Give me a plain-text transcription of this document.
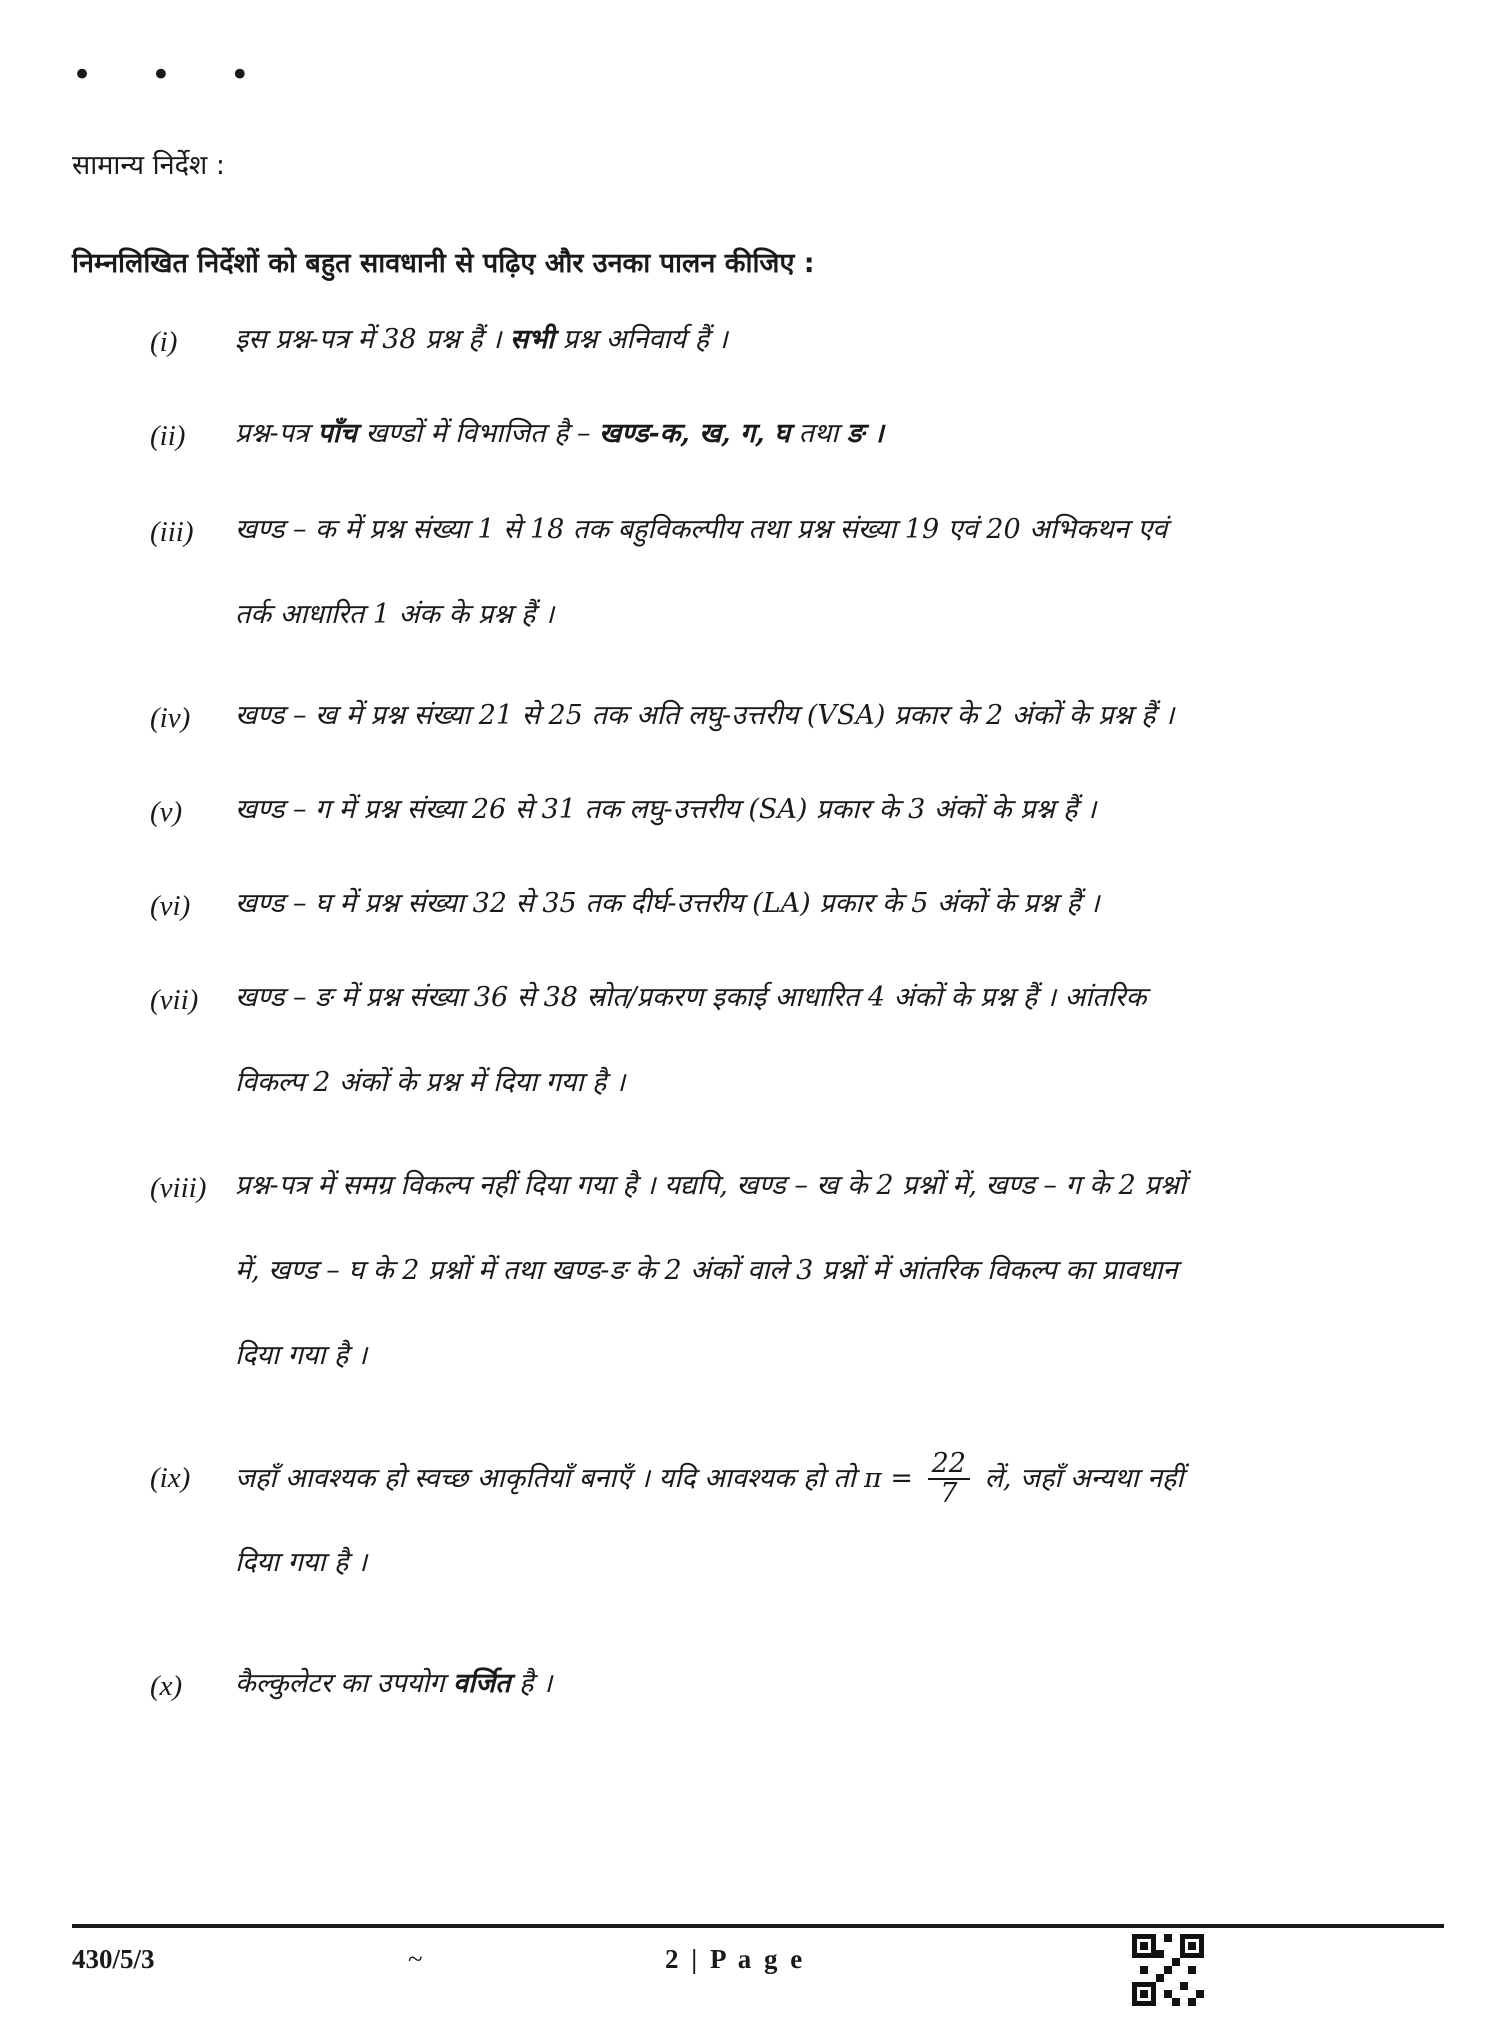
• • •
सामान्य निर्देश :
निम्नलिखित निर्देशों को बहुत सावधानी से पढ़िए और उनका पालन कीजिए :
(i) इस प्रश्न-पत्र में 38 प्रश्न हैं । सभी प्रश्न अनिवार्य हैं ।
(ii) प्रश्न-पत्र पाँच खण्डों में विभाजित है – खण्ड-क, ख, ग, घ तथा ङ ।
(iii) खण्ड – क में प्रश्न संख्या 1 से 18 तक बहुविकल्पीय तथा प्रश्न संख्या 19 एवं 20 अभिकथन एवं
तर्क आधारित 1 अंक के प्रश्न हैं ।
(iv) खण्ड – ख में प्रश्न संख्या 21 से 25 तक अति लघु-उत्तरीय (VSA) प्रकार के 2 अंकों के प्रश्न हैं ।
(v) खण्ड – ग में प्रश्न संख्या 26 से 31 तक लघु-उत्तरीय (SA) प्रकार के 3 अंकों के प्रश्न हैं ।
(vi) खण्ड – घ में प्रश्न संख्या 32 से 35 तक दीर्घ-उत्तरीय (LA) प्रकार के 5 अंकों के प्रश्न हैं ।
(vii) खण्ड – ङ में प्रश्न संख्या 36 से 38 स्रोत/प्रकरण इकाई आधारित 4 अंकों के प्रश्न हैं । आंतरिक
विकल्प 2 अंकों के प्रश्न में दिया गया है ।
(viii) प्रश्न-पत्र में समग्र विकल्प नहीं दिया गया है । यद्यपि, खण्ड – ख के 2 प्रश्नों में, खण्ड – ग के 2 प्रश्नों
में, खण्ड – घ के 2 प्रश्नों में तथा खण्ड-ङ के 2 अंकों वाले 3 प्रश्नों में आंतरिक विकल्प का प्रावधान
दिया गया है ।
(ix) जहाँ आवश्यक हो स्वच्छ आकृतियाँ बनाएँ । यदि आवश्यक हो तो $\pi = \frac{22}{7}$ लें, जहाँ अन्यथा नहीं
दिया गया है ।
(x) कैल्कुलेटर का उपयोग वर्जित है ।
430/5/3	~	2 | P a g e
